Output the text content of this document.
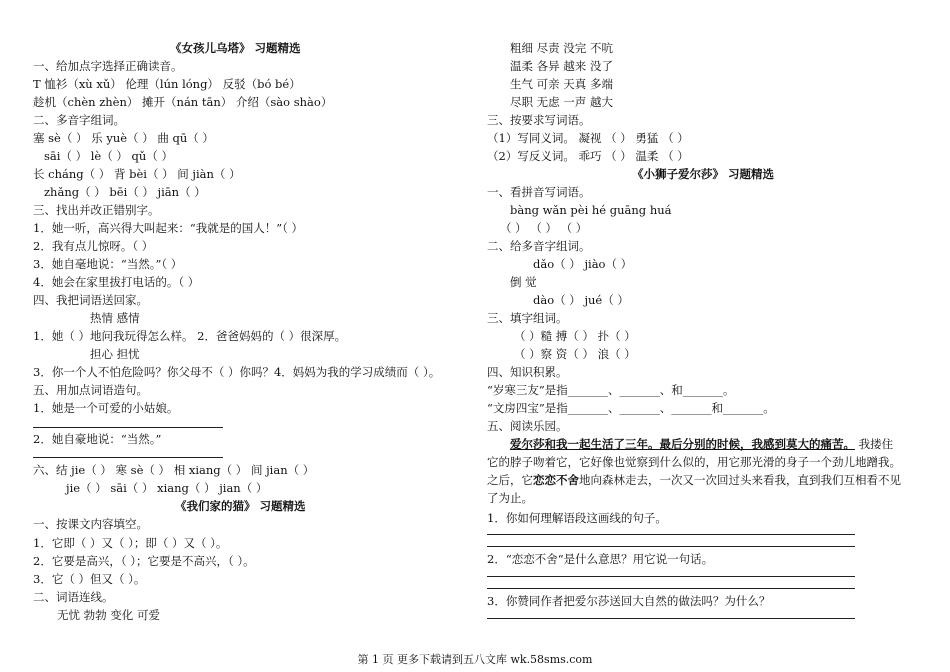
《女孩儿乌塔》 习题精选
一、给加点字选择正确读音。
T 恤衫（xù xǔ） 伦理（lún lóng） 反驳（bó bé）
趁机（chèn zhèn） 摊开（nán tān） 介绍（sào shào）
二、多音字组词。
塞 sè（ ） 乐 yuè（ ） 曲 qū（ ）
sāi（ ） lè（ ） qǔ（ ）
长 cháng（ ） 背 bèi（ ） 间 jiàn（ ）
zhǎng（ ） bēi（ ） jiān（ ）
三、找出并改正错别字。
1．她一听，高兴得大叫起来：“我就是的国人！”（ ）
2．我有点儿惊呀。（ ）
3．她自毫地说：“当然。”（ ）
4．她会在家里拔打电话的。（ ）
四、我把词语送回家。
热情 感情
1．她（ ）地问我玩得怎么样。 2．爸爸妈妈的（ ）很深厚。
担心 担忧
3．你一个人不怕危险吗？你父母不（ ）你吗？4．妈妈为我的学习成绩而（ ）。
五、用加点词语造句。
1．她是一个可爱的小姑娘。
2．她自豪地说：“当然。”
六、结 jie（ ） 寒 sè（ ） 相 xiang（ ） 间 jian（ ）
jie（ ） sāi（ ） xiang（ ） jian（ ）
《我们家的猫》 习题精选
一、按课文内容填空。
1．它即（ ）又（ ）；即（ ）又（ ）。
2．它要是高兴，（ ）；它要是不高兴，（ ）。
3．它（ ）但又（ ）。
二、词语连线。
无忧 勃勃 变化 可爱
粗细 尽责 没完 不吭
温柔 各异 越来 没了
生气 可亲 天真 多端
尽职 无虑 一声 越大
三、按要求写词语。
（1）写同义词。 凝视 （ ） 勇猛 （ ）
（2）写反义词。 乖巧 （ ） 温柔 （ ）
《小狮子爱尔莎》 习题精选
一、看拼音写词语。
bàng wǎn pèi hé guāng huá
（ ） （ ） （ ）
二、给多音字组词。
dǎo（ ） jiào（ ）
倒 觉
dào（ ） jué（ ）
三、填字组词。
（ ）糙 搏（ ） 扑（ ）
（ ）察 资（ ） 浪（ ）
四、知识积累。
“岁寒三友”是指_______、_______、和_______。
“文房四宝”是指_______、_______、_______和_______。
五、阅读乐园。
爱尔莎和我一起生活了三年。最后分别的时候，我感到莫大的痛苦。 我搂住
它的脖子吻着它，它好像也觉察到什么似的，用它那光滑的身子一个劲儿地蹭我。
之后，它恋恋不舍地向森林走去，一次又一次回过头来看我，直到我们互相看不见
了为止。
1．你如何理解语段这画线的句子。
2．“恋恋不舍“是什么意思？用它说一句话。
3．你赞同作者把爱尔莎送回大自然的做法吗？为什么？
第 1 页 更多下载请到五八文库 wk.58sms.com
